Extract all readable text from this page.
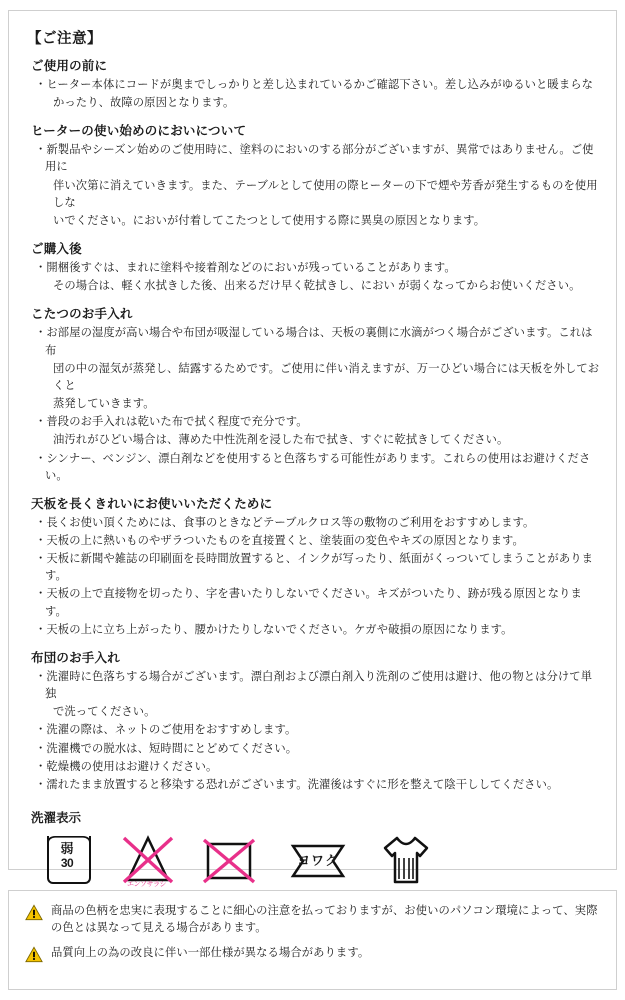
【ご注意】
ご使用の前に
・ ヒーター本体にコードが奥までしっかりと差し込まれているかご確認下さい。差し込みがゆるいと暖まらな
かったり、故障の原因となります。
ヒーターの使い始めのにおいについて
・ 新製品やシーズン始めのご使用時に、塗料のにおいのする部分がございますが、異常ではありません。ご使用に
伴い次第に消えていきます。また、テーブルとして使用の際ヒーターの下で煙や芳香が発生するものを使用しな
いでください。においが付着してこたつとして使用する際に異臭の原因となります。
ご購入後
・ 開梱後すぐは、まれに塗料や接着剤などのにおいが残っていることがあります。
その場合は、軽く水拭きした後、出来るだけ早く乾拭きし、におい が弱くなってからお使いください。
こたつのお手入れ
・ お部屋の湿度が高い場合や布団が吸湿している場合は、天板の裏側に水滴がつく場合がございます。これは布
団の中の湿気が蒸発し、結露するためです。ご使用に伴い消えますが、万一ひどい場合には天板を外しておくと
蒸発していきます。
・ 普段のお手入れは乾いた布で拭く程度で充分です。
油汚れがひどい場合は、薄めた中性洗剤を浸した布で拭き、すぐに乾拭きしてください。
・ シンナー、ベンジン、漂白剤などを使用すると色落ちする可能性があります。これらの使用はお避けください。
天板を長くきれいにお使いいただくために
・ 長くお使い頂くためには、食事のときなどテーブルクロス等の敷物のご利用をおすすめします。
・ 天板の上に熱いものやザラついたものを直接置くと、塗装面の変色やキズの原因となります。
・ 天板に新聞や雑誌の印刷面を長時間放置すると、インクが写ったり、紙面がくっついてしまうことがあります。
・ 天板の上で直接物を切ったり、字を書いたりしないでください。キズがついたり、跡が残る原因となります。
・ 天板の上に立ち上がったり、腰かけたりしないでください。ケガや破損の原因になります。
布団のお手入れ
・ 洗濯時に色落ちする場合がございます。漂白剤および漂白剤入り洗剤のご使用は避け、他の物とは分けて単独
で洗ってください。
・ 洗濯の際は、ネットのご使用をおすすめします。
・ 洗濯機での脱水は、短時間にとどめてください。
・ 乾燥機の使用はお避けください。
・ 濡れたまま放置すると移染する恐れがございます。洗濯後はすぐに形を整えて陰干ししてください。
洗濯表示
弱
30
エンソサラシ
ヨワク
商品の色柄を忠実に表現することに細心の注意を払っておりますが、お使いのパソコン環境によって、実際
の色とは異なって見える場合があります。
品質向上の為の改良に伴い一部仕様が異なる場合があります。
